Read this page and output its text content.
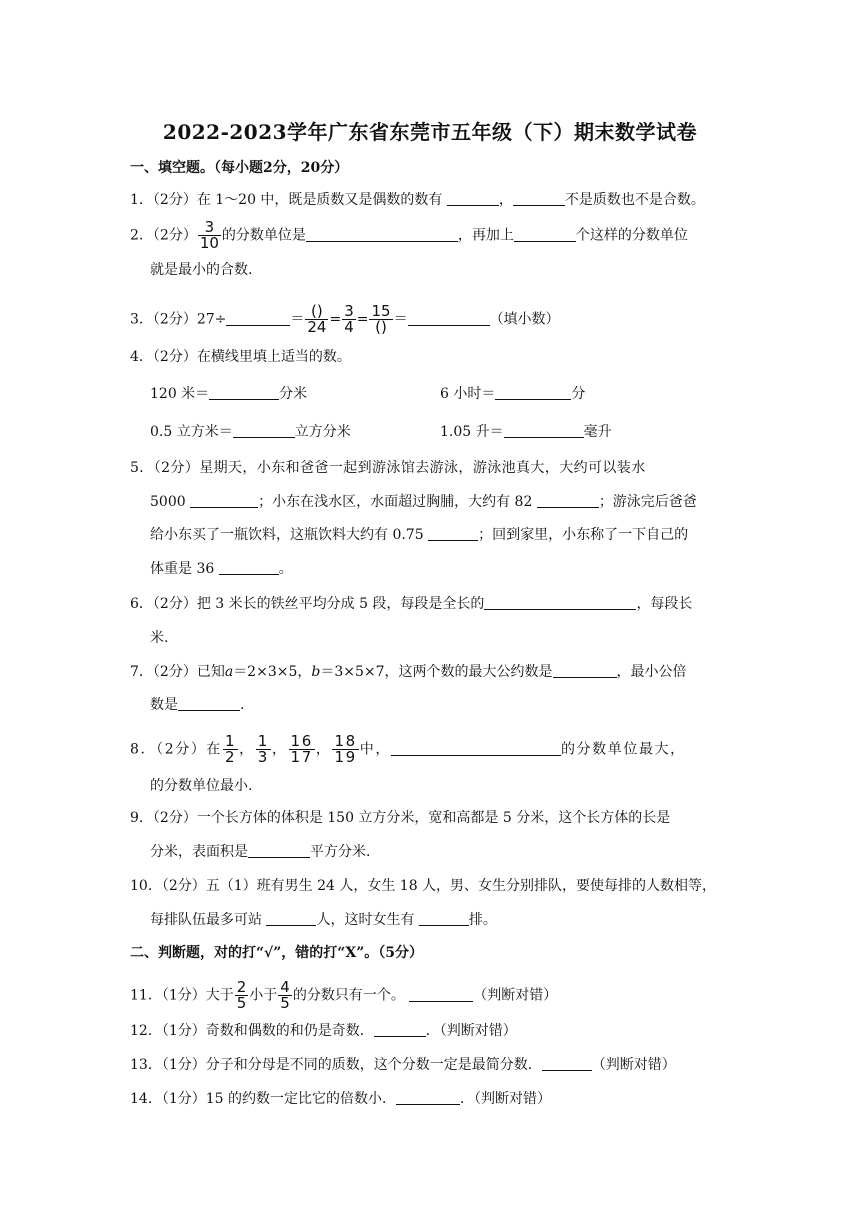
2022-2023学年广东省东莞市五年级（下）期末数学试卷
一、填空题。（每小题2分，20分）
1．（2分）在 1～20 中，既是质数又是偶数的数有	，	不是质数也不是合数。
2．（2分） $\frac{3}{10}$ 的分数单位是	，再加上	个这样的分数单位
就是最小的合数.
3．（2分）27÷	＝ $\frac{()}{24} = \frac{3}{4} = \frac{15}{()}$ ＝	（填小数）
4．（2分）在横线里填上适当的数。
120 米＝	分米	6 小时＝	分
0.5 立方米＝	立方分米	1.05 升＝	毫升
5．（2分）星期天，小东和爸爸一起到游泳馆去游泳，游泳池真大，大约可以装水
5000	；小东在浅水区，水面超过胸脯，大约有 82	；游泳完后爸爸
给小东买了一瓶饮料，这瓶饮料大约有 0.75	；回到家里，小东称了一下自己的
体重是 36	。
6．（2分）把 3 米长的铁丝平均分成 5 段，每段是全长的	，每段长
米.
7．（2分）已知a＝2×3×5，b＝3×5×7，这两个数的最大公约数是	，最小公倍
数是	.
8．（2分）在 $\frac{1}{2}$ ， $\frac{1}{3}$ ， $\frac{16}{17}$ ， $\frac{18}{19}$ 中，	的分数单位最大，
的分数单位最小.
9．（2分）一个长方体的体积是 150 立方分米，宽和高都是 5 分米，这个长方体的长是
分米，表面积是	平方分米.
10．（2分）五（1）班有男生 24 人，女生 18 人，男、女生分别排队，要使每排的人数相等，
每排队伍最多可站	人，这时女生有	排。
二、判断题，对的打“√”，错的打“X”。（5分）
11．（1分）大于 $\frac{2}{5}$ 小于 $\frac{4}{5}$ 的分数只有一个。	（判断对错）
12．（1分）奇数和偶数的和仍是奇数．	．（判断对错）
13．（1分）分子和分母是不同的质数，这个分数一定是最简分数．	（判断对错）
14．（1分）15 的约数一定比它的倍数小．	．（判断对错）
